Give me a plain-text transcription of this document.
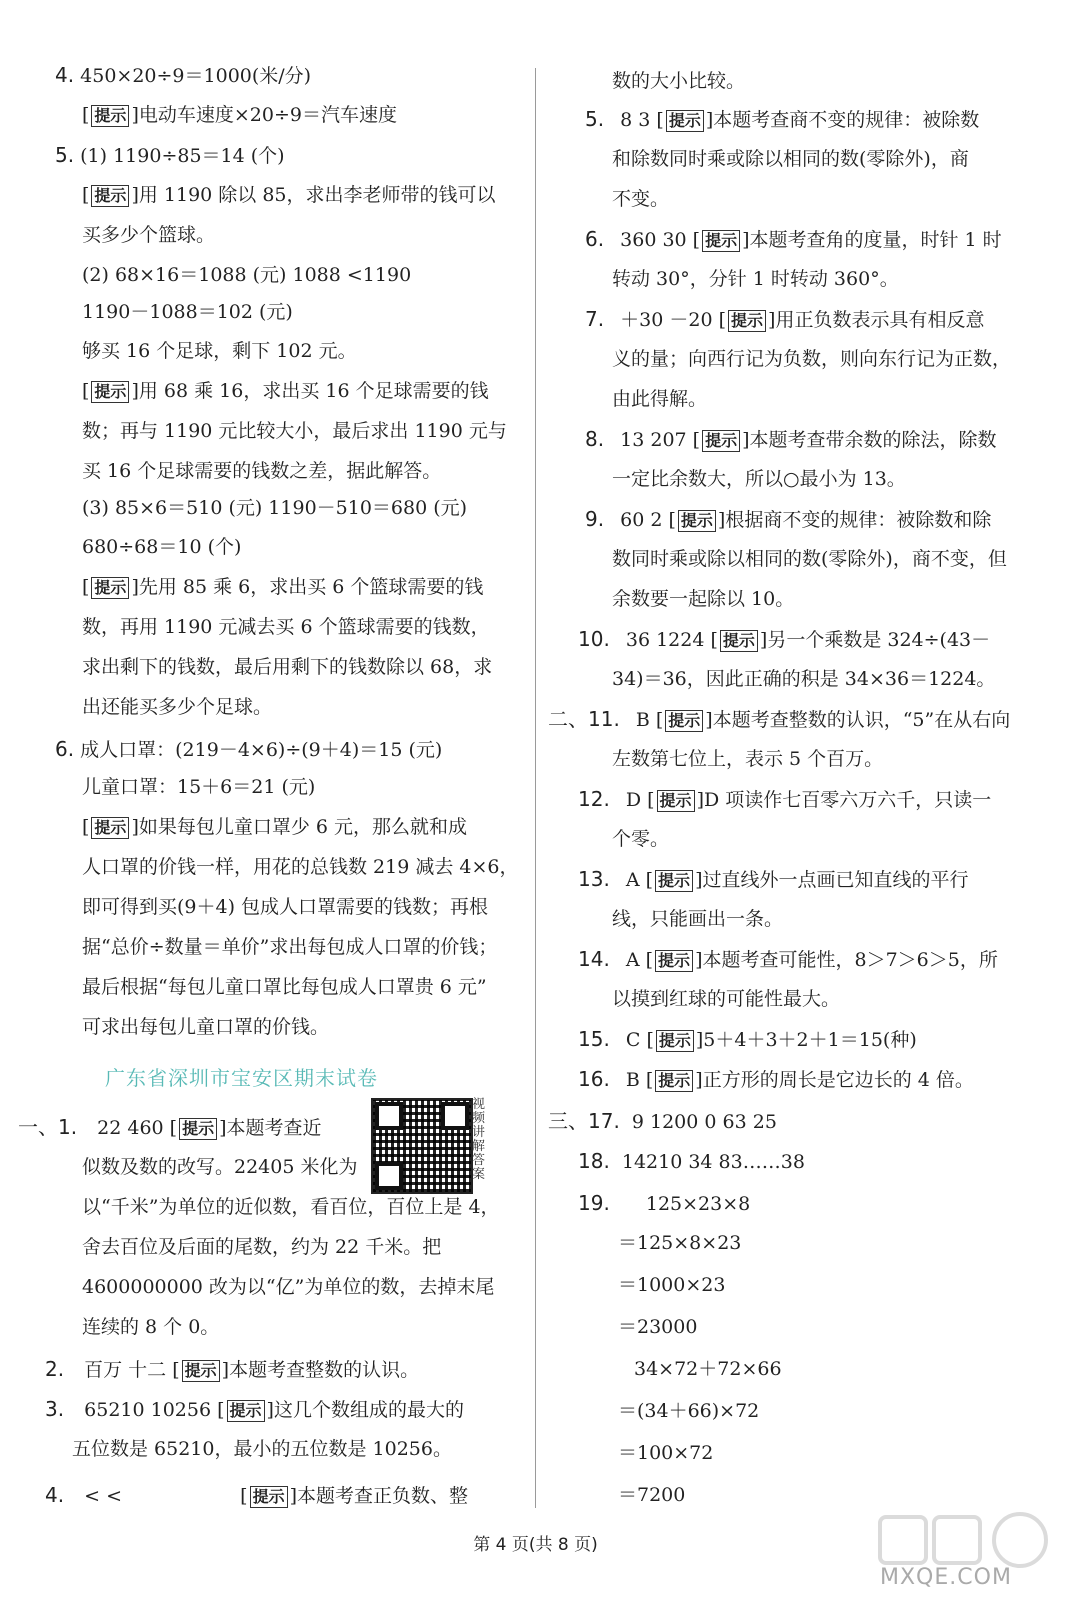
4. 450×20÷9＝1000(米/分)
[ 提示 ]电动车速度×20÷9＝汽车速度
5. (1) 1190÷85＝14 (个)
[ 提示 ]用 1190 除以 85，求出李老师带的钱可以
买多少个篮球。
(2) 68×16＝1088 (元) 1088 <1190
1190－1088＝102 (元)
够买 16 个足球，剩下 102 元。
[ 提示 ]用 68 乘 16，求出买 16 个足球需要的钱
数；再与 1190 元比较大小，最后求出 1190 元与
买 16 个足球需要的钱数之差，据此解答。
(3) 85×6＝510 (元) 1190－510＝680 (元)
680÷68＝10 (个)
[ 提示 ]先用 85 乘 6，求出买 6 个篮球需要的钱
数，再用 1190 元减去买 6 个篮球需要的钱数，
求出剩下的钱数，最后用剩下的钱数除以 68，求
出还能买多少个足球。
6. 成人口罩：(219－4×6)÷(9＋4)＝15 (元)
儿童口罩：15＋6＝21 (元)
[ 提示 ]如果每包儿童口罩少 6 元，那么就和成
人口罩的价钱一样，用花的总钱数 219 减去 4×6，
即可得到买(9＋4) 包成人口罩需要的钱数；再根
据“总价÷数量＝单价”求出每包成人口罩的价钱；
最后根据“每包儿童口罩比每包成人口罩贵 6 元”
可求出每包儿童口罩的价钱。
广东省深圳市宝安区期末试卷
视频讲解答案
一、1. 22 460 [ 提示 ]本题考查近
似数及数的改写。22405 米化为
以“千米”为单位的近似数，看百位，百位上是 4，
舍去百位及后面的尾数，约为 22 千米。把
4600000000 改为以“亿”为单位的数，去掉末尾
连续的 8 个 0。
2. 百万 十二 [ 提示 ]本题考查整数的认识。
3. 65210 10256 [ 提示 ]这几个数组成的最大的
五位数是 65210，最小的五位数是 10256。
4. < <	[ 提示 ]本题考查正负数、整
数的大小比较。
5. 8 3 [ 提示 ]本题考查商不变的规律：被除数
和除数同时乘或除以相同的数(零除外)，商
不变。
6. 360 30 [ 提示 ]本题考查角的度量，时针 1 时
转动 30°，分针 1 时转动 360°。
7. ＋30 －20 [ 提示 ]用正负数表示具有相反意
义的量；向西行记为负数，则向东行记为正数，
由此得解。
8. 13 207 [ 提示 ]本题考查带余数的除法，除数
一定比余数大，所以○最小为 13。
9. 60 2 [ 提示 ]根据商不变的规律：被除数和除
数同时乘或除以相同的数(零除外)，商不变，但
余数要一起除以 10。
10. 36 1224 [ 提示 ]另一个乘数是 324÷(43－
34)＝36，因此正确的积是 34×36＝1224。
二、11. B [ 提示 ]本题考查整数的认识，“5”在从右向
左数第七位上，表示 5 个百万。
12. D [ 提示 ]D 项读作七百零六万六千，只读一
个零。
13. A [ 提示 ]过直线外一点画已知直线的平行
线，只能画出一条。
14. A [ 提示 ]本题考查可能性，8＞7＞6＞5，所
以摸到红球的可能性最大。
15. C [ 提示 ]5＋4＋3＋2＋1＝15(种)
16. B [ 提示 ]正方形的周长是它边长的 4 倍。
三、17. 9 1200 0 63 25
18. 14210 34 83……38
19. 125×23×8
＝125×8×23
＝1000×23
＝23000
34×72＋72×66
＝(34＋66)×72
＝100×72
＝7200
第 4 页(共 8 页)
MXQE.COM
